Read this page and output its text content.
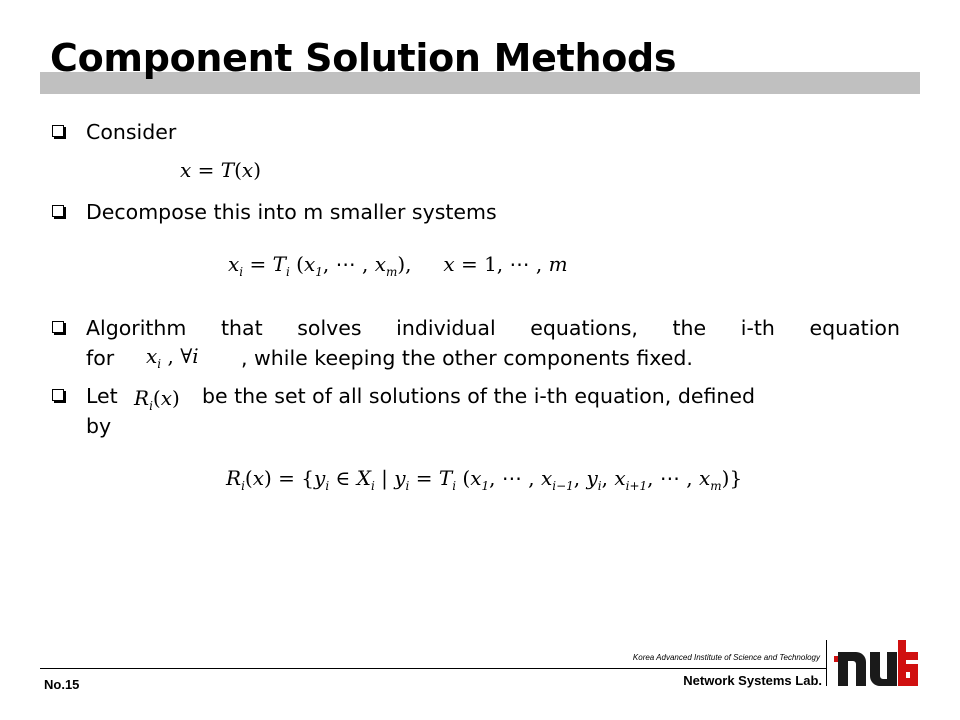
Component Solution Methods
Consider
x = T(x)
Decompose this into m smaller systems
$x_i = T_i$ ($x_1$, ⋯ , $x_m$),     x = 1, ⋯ , m
Algorithm that solves individual equations, the i-th equation
for	, while keeping the other components fixed.
$x_i$ , ∀i
Let	be the set of all solutions of the i-th equation, defined
$R_i(x)$
by
$R_i(x) = \{y_i$ ∈ $X_i$ | $y_i = T_i$ ($x_1$, ⋯ , $x_{i-1}$, $y_i$, $x_{i+1}$, ⋯ , $x_m$)}
No.15
Korea Advanced Institute of Science and Technology
Network Systems Lab.
